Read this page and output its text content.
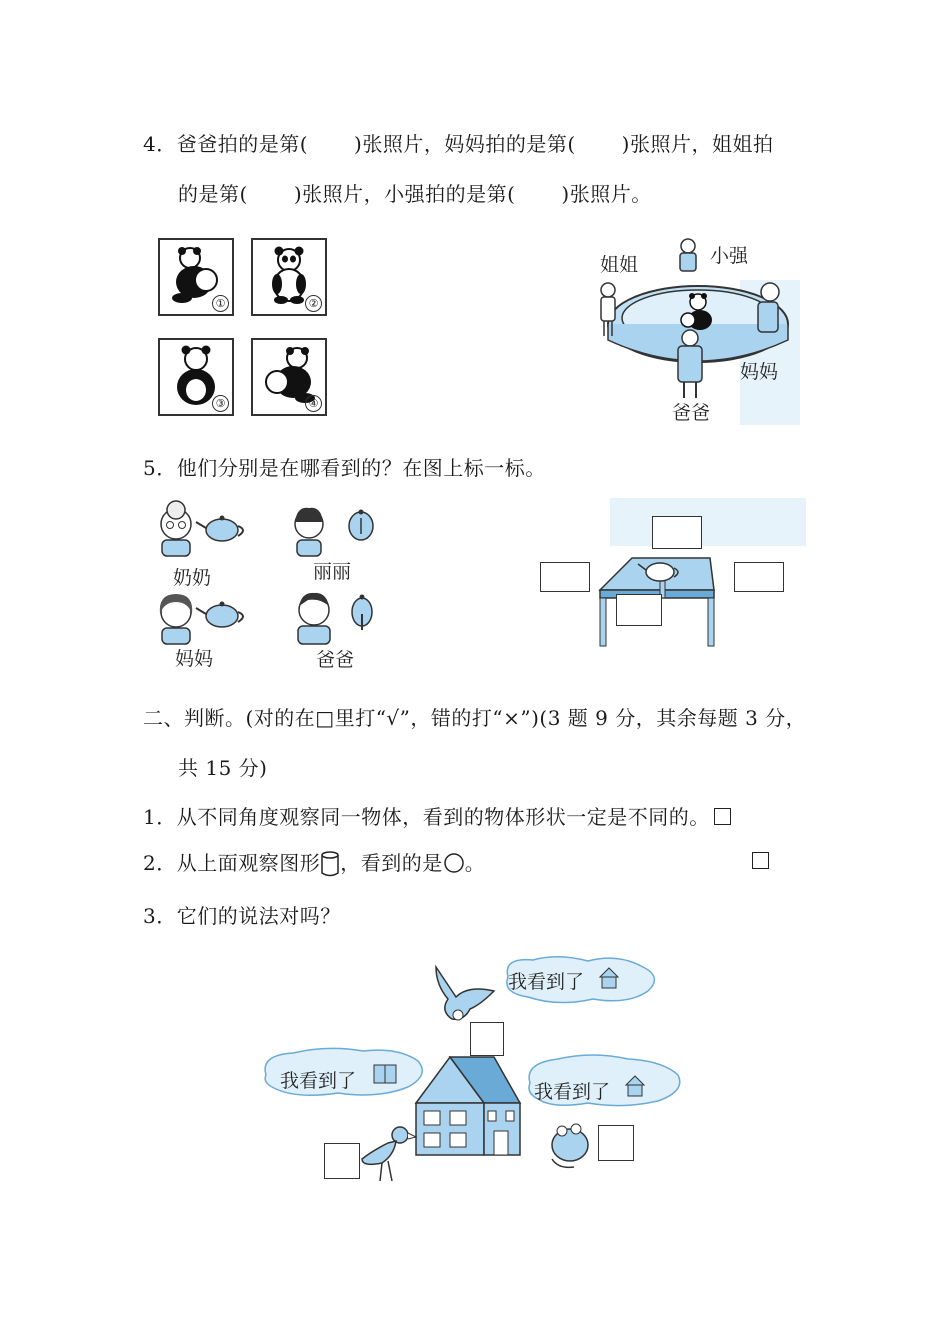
4．爸爸拍的是第( )张照片，妈妈拍的是第( )张照片，姐姐拍
的是第( )张照片，小强拍的是第( )张照片。
①	②
③	④
姐姐	小强
妈妈
爸爸
5．他们分别是在哪看到的？在图上标一标。
奶奶	丽丽
妈妈	爸爸
二、判断。(对的在□里打“√”，错的打“×”)(3 题 9 分，其余每题 3 分，
共 15 分)
1．从不同角度观察同一物体，看到的物体形状一定是不同的。
2．从上面观察图形 ，看到的是 。
3．它们的说法对吗？
我看到了
我看到了	我看到了
